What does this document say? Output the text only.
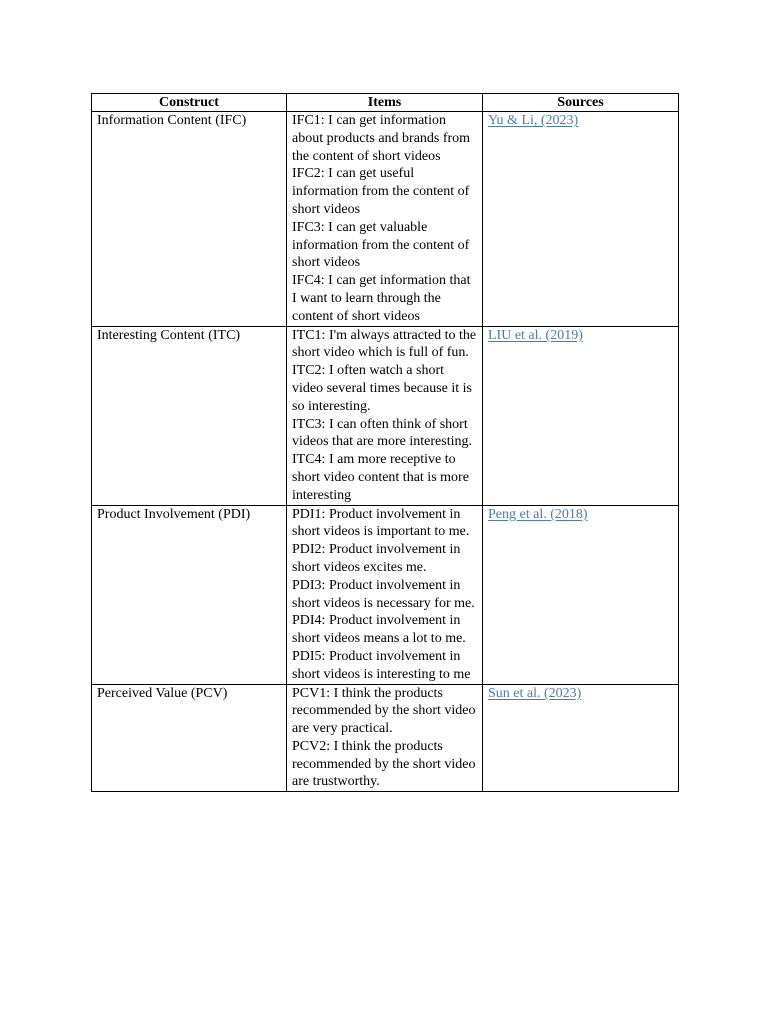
Construct	Items	Sources
Information Content (IFC)	IFC1: I can get information about products and brands from the content of short videos
IFC2: I can get useful information from the content of short videos
IFC3: I can get valuable information from the content of short videos
IFC4: I can get information that I want to learn through the content of short videos	Yu & Li, (2023)
Interesting Content (ITC)	ITC1: I'm always attracted to the short video which is full of fun.
ITC2: I often watch a short video several times because it is so interesting.
ITC3: I can often think of short videos that are more interesting.
ITC4: I am more receptive to short video content that is more interesting	LIU et al. (2019)
Product Involvement (PDI)	PDI1: Product involvement in short videos is important to me.
PDI2: Product involvement in short videos excites me.
PDI3: Product involvement in short videos is necessary for me.
PDI4: Product involvement in short videos means a lot to me.
PDI5: Product involvement in short videos is interesting to me	Peng et al. (2018)
Perceived Value (PCV)	PCV1: I think the products recommended by the short video are very practical.
PCV2: I think the products recommended by the short video are trustworthy.	Sun et al. (2023)
